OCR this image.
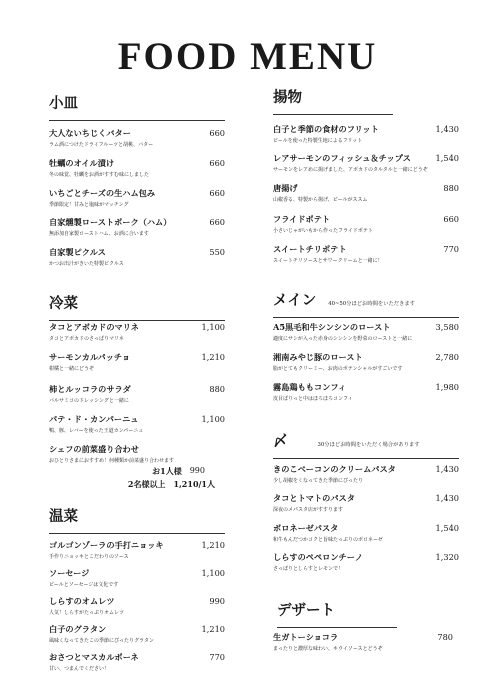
FOOD MENU
小皿
大人ないちじくバター	660
ラム酒につけたドライフルーツと胡桃、バター
牡蠣のオイル漬け	660
冬の味覚、牡蠣をお酒がすすむ味にしました
いちごとチーズの生ハム包み	660
季節限定！甘みと塩味がマッチング
自家燻製ローストポーク（ハム）	660
無添加自家製ローストハム、お酒に合います
自家製ピクルス	550
かつお出汁がきいた特製ピクルス
冷菜
タコとアボカドのマリネ	1,100
タコとアボカドのさっぱりマリネ
サーモンカルパッチョ	1,210
柑橘と一緒にどうぞ
柿とルッコラのサラダ	880
バルサミコのドレッシングと一緒に
パテ・ド・カンパーニュ	1,100
鴨、豚、レバーを使った王道カンパーニュ
シェフの前菜盛り合わせ
おひとりさまにおすすめ！何種類か前菜盛り合わせます
お1人様 990
2名様以上 1,210/1人
温菜
ゴルゴンゾーラの手打ニョッキ	1,210
手作りニョッキとこだわりのソース
ソーセージ	1,100
ビールとソーセージは文化です
しらすのオムレツ	990
人気！しらすがたっぷりオムレツ
白子のグラタン	1,210
風味くなってきたこの季節にぴったりグラタン
おさつとマスカルポーネ	770
甘い、つまんでください！
揚物
白子と季節の食材のフリット	1,430
ビールを使った特製生地によるフリット
レアサーモンのフィッシュ＆チップス	1,540
サーモンをレアめに揚げました、アボカドのタルタルと一緒にどうぞ
唐揚げ	880
山椒香る、特製から揚げ、ビールがススム
フライドポテト	660
小さいじゃがいもから作ったフライドポテト
スイートチリポテト	770
スイートチリソースとサワークリームと一緒に！
メイン 40~50分ほどお時間をいただきます
A5黒毛和牛シンシンのロースト	3,580
適度にサシが入った赤身のシンシンを野菜のローストと一緒に
湘南みやじ豚のロースト	2,780
脂がとてもクリーミー、お肉のポテンシャルがすごいです
霧島鶏ももコンフィ	1,980
皮目ぱりっと中はほろほろコンフィ
〆	30分ほどお時間をいただく場合があります
きのこベーコンのクリームパスタ	1,430
少し胡椒をくなってきた季節にぴったり
タコとトマトのパスタ	1,430
深夜のメパスタ店がすすります
ボロネーゼパスタ	1,540
和牛もんだつかコクと旨味たっぷりのボロネーゼ
しらすのペペロンチーノ	1,320
さっぱりとしらすとレモンで！
デザート
生ガトーショコラ	780
まったりと濃厚な味わい、キウイソースとどうぞ
